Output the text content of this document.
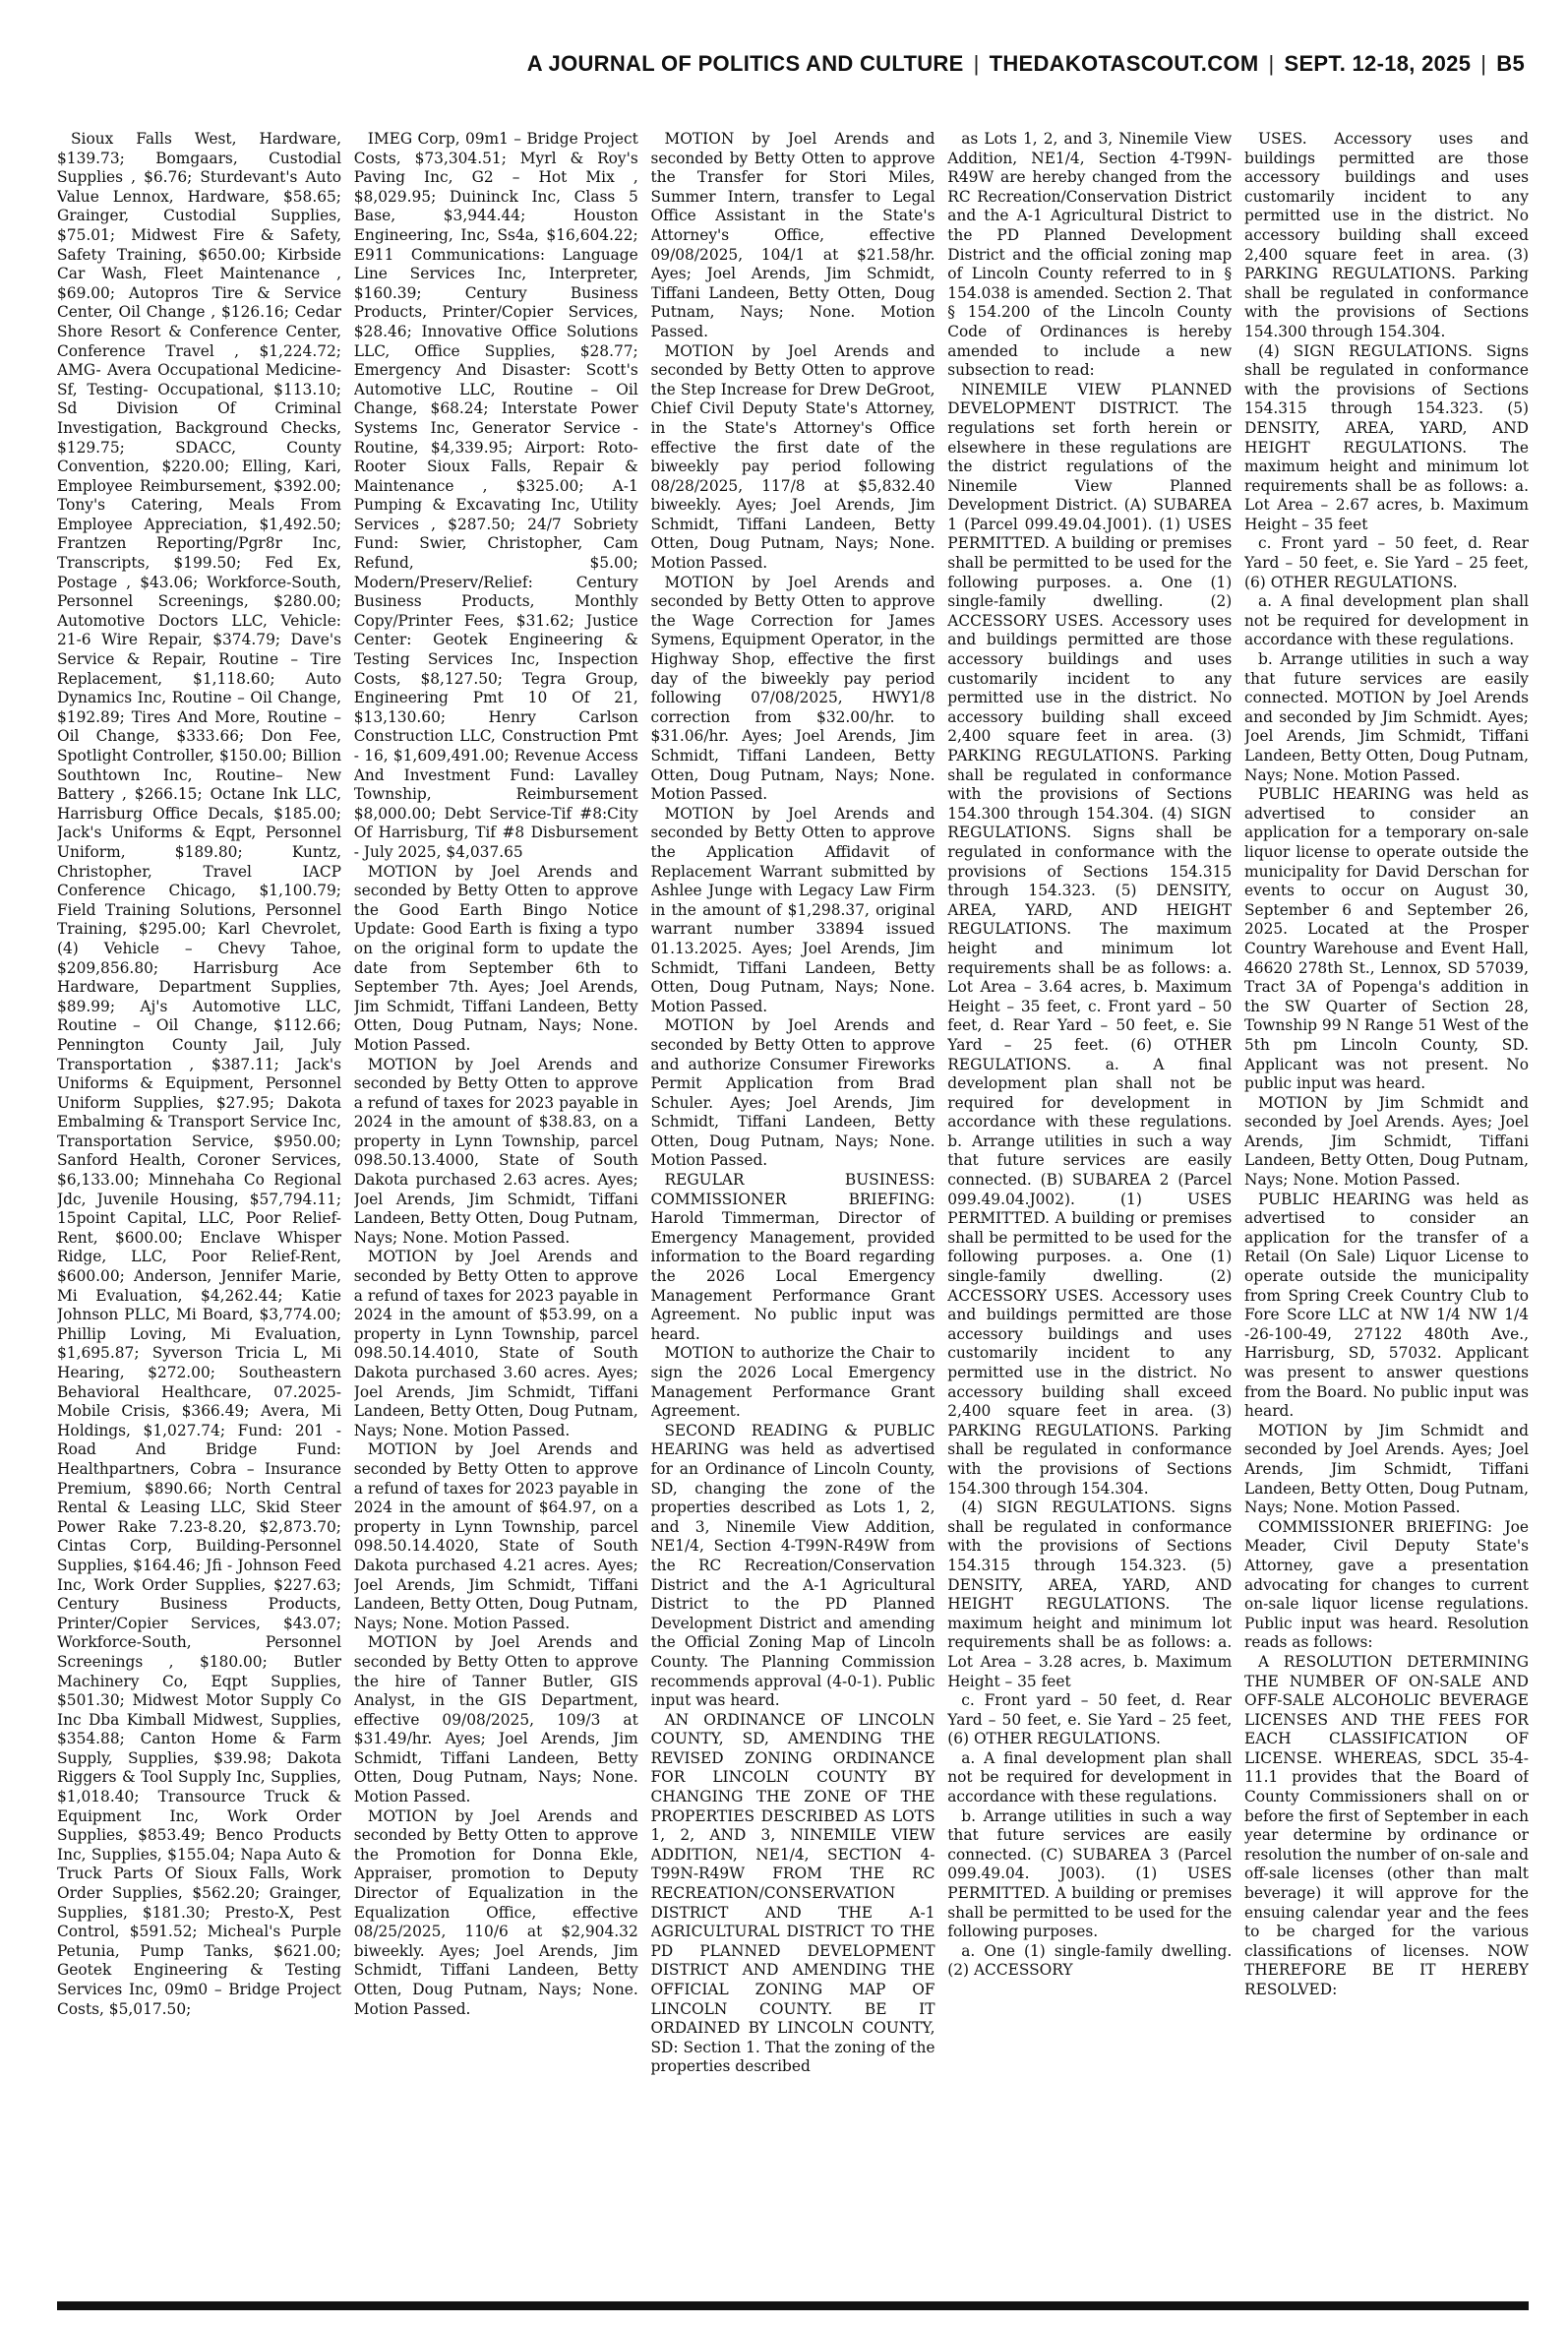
A JOURNAL OF POLITICS AND CULTURE | THEDAKOTASCOUT.COM | SEPT. 12-18, 2025 | B5

Sioux Falls West, Hardware, $139.73; Bomgaars, Custodial Supplies , $6.76; Sturdevant's Auto Value Lennox, Hardware, $58.65; Grainger, Custodial Supplies, $75.01; Midwest Fire & Safety, Safety Training, $650.00; Kirbside Car Wash, Fleet Maintenance , $69.00; Autopros Tire & Service Center, Oil Change , $126.16; Cedar Shore Resort & Conference Center, Conference Travel , $1,224.72; AMG- Avera Occupational Medicine-Sf, Testing- Occupational, $113.10; Sd Division Of Criminal Investigation, Background Checks, $129.75; SDACC, County Convention, $220.00; Elling, Kari, Employee Reimbursement, $392.00; Tony's Catering, Meals From Employee Appreciation, $1,492.50; Frantzen Reporting/Pgr8r Inc, Transcripts, $199.50; Fed Ex, Postage , $43.06; Workforce-South, Personnel Screenings, $280.00; Automotive Doctors LLC, Vehicle: 21-6 Wire Repair, $374.79; Dave's Service & Repair, Routine – Tire Replacement, $1,118.60; Auto Dynamics Inc, Routine – Oil Change, $192.89; Tires And More, Routine – Oil Change, $333.66; Don Fee, Spotlight Controller, $150.00; Billion Southtown Inc, Routine– New Battery , $266.15; Octane Ink LLC, Harrisburg Office Decals, $185.00; Jack's Uniforms & Eqpt, Personnel Uniform, $189.80; Kuntz, Christopher, Travel IACP Conference Chicago, $1,100.79; Field Training Solutions, Personnel Training, $295.00; Karl Chevrolet, (4) Vehicle – Chevy Tahoe, $209,856.80; Harrisburg Ace Hardware, Department Supplies, $89.99; Aj's Automotive LLC, Routine – Oil Change, $112.66; Pennington County Jail, July Transportation , $387.11; Jack's Uniforms & Equipment, Personnel Uniform Supplies, $27.95; Dakota Embalming & Transport Service Inc, Transportation Service, $950.00; Sanford Health, Coroner Services, $6,133.00; Minnehaha Co Regional Jdc, Juvenile Housing, $57,794.11; 15point Capital, LLC, Poor Relief-Rent, $600.00; Enclave Whisper Ridge, LLC, Poor Relief-Rent, $600.00; Anderson, Jennifer Marie, Mi Evaluation, $4,262.44; Katie Johnson PLLC, Mi Board, $3,774.00; Phillip Loving, Mi Evaluation, $1,695.87; Syverson Tricia L, Mi Hearing, $272.00; Southeastern Behavioral Healthcare, 07.2025-Mobile Crisis, $366.49; Avera, Mi Holdings, $1,027.74; Fund: 201 - Road And Bridge Fund: Healthpartners, Cobra – Insurance Premium, $890.66; North Central Rental & Leasing LLC, Skid Steer Power Rake 7.23-8.20, $2,873.70; Cintas Corp, Building-Personnel Supplies, $164.46; Jfi - Johnson Feed Inc, Work Order Supplies, $227.63; Century Business Products, Printer/Copier Services, $43.07; Workforce-South, Personnel Screenings , $180.00; Butler Machinery Co, Eqpt Supplies, $501.30; Midwest Motor Supply Co Inc Dba Kimball Midwest, Supplies, $354.88; Canton Home & Farm Supply, Supplies, $39.98; Dakota Riggers & Tool Supply Inc, Supplies, $1,018.40; Transource Truck & Equipment Inc, Work Order Supplies, $853.49; Benco Products Inc, Supplies, $155.04; Napa Auto & Truck Parts Of Sioux Falls, Work Order Supplies, $562.20; Grainger, Supplies, $181.30; Presto-X, Pest Control, $591.52; Micheal's Purple Petunia, Pump Tanks, $621.00; Geotek Engineering & Testing Services Inc, 09m0 – Bridge Project Costs, $5,017.50;

IMEG Corp, 09m1 – Bridge Project Costs, $73,304.51; Myrl & Roy's Paving Inc, G2 – Hot Mix , $8,029.95; Duininck Inc, Class 5 Base, $3,944.44; Houston Engineering, Inc, Ss4a, $16,604.22; E911 Communications: Language Line Services Inc, Interpreter, $160.39; Century Business Products, Printer/Copier Services, $28.46; Innovative Office Solutions LLC, Office Supplies, $28.77; Emergency And Disaster: Scott's Automotive LLC, Routine – Oil Change, $68.24; Interstate Power Systems Inc, Generator Service - Routine, $4,339.95; Airport: Roto-Rooter Sioux Falls, Repair & Maintenance , $325.00; A-1 Pumping & Excavating Inc, Utility Services , $287.50; 24/7 Sobriety Fund: Swier, Christopher, Cam Refund, $5.00; Modern/Preserv/Relief: Century Business Products, Monthly Copy/Printer Fees, $31.62; Justice Center: Geotek Engineering & Testing Services Inc, Inspection Costs, $8,127.50; Tegra Group, Engineering Pmt 10 Of 21, $13,130.60; Henry Carlson Construction LLC, Construction Pmt - 16, $1,609,491.00; Revenue Access And Investment Fund: Lavalley Township, Reimbursement $8,000.00; Debt Service-Tif #8:City Of Harrisburg, Tif #8 Disbursement - July 2025, $4,037.65

MOTION by Joel Arends and seconded by Betty Otten to approve the Good Earth Bingo Notice Update: Good Earth is fixing a typo on the original form to update the date from September 6th to September 7th. Ayes; Joel Arends, Jim Schmidt, Tiffani Landeen, Betty Otten, Doug Putnam, Nays; None. Motion Passed.

MOTION by Joel Arends and seconded by Betty Otten to approve a refund of taxes for 2023 payable in 2024 in the amount of $38.83, on a property in Lynn Township, parcel 098.50.13.4000, State of South Dakota purchased 2.63 acres. Ayes; Joel Arends, Jim Schmidt, Tiffani Landeen, Betty Otten, Doug Putnam, Nays; None. Motion Passed.

MOTION by Joel Arends and seconded by Betty Otten to approve a refund of taxes for 2023 payable in 2024 in the amount of $53.99, on a property in Lynn Township, parcel 098.50.14.4010, State of South Dakota purchased 3.60 acres. Ayes; Joel Arends, Jim Schmidt, Tiffani Landeen, Betty Otten, Doug Putnam, Nays; None. Motion Passed.

MOTION by Joel Arends and seconded by Betty Otten to approve a refund of taxes for 2023 payable in 2024 in the amount of $64.97, on a property in Lynn Township, parcel 098.50.14.4020, State of South Dakota purchased 4.21 acres. Ayes; Joel Arends, Jim Schmidt, Tiffani Landeen, Betty Otten, Doug Putnam, Nays; None. Motion Passed.

MOTION by Joel Arends and seconded by Betty Otten to approve the hire of Tanner Butler, GIS Analyst, in the GIS Department, effective 09/08/2025, 109/3 at $31.49/hr. Ayes; Joel Arends, Jim Schmidt, Tiffani Landeen, Betty Otten, Doug Putnam, Nays; None. Motion Passed.

MOTION by Joel Arends and seconded by Betty Otten to approve the Promotion for Donna Ekle, Appraiser, promotion to Deputy Director of Equalization in the Equalization Office, effective 08/25/2025, 110/6 at $2,904.32 biweekly. Ayes; Joel Arends, Jim Schmidt, Tiffani Landeen, Betty Otten, Doug Putnam, Nays; None. Motion Passed.

MOTION by Joel Arends and seconded by Betty Otten to approve the Transfer for Stori Miles, Summer Intern, transfer to Legal Office Assistant in the State's Attorney's Office, effective 09/08/2025, 104/1 at $21.58/hr. Ayes; Joel Arends, Jim Schmidt, Tiffani Landeen, Betty Otten, Doug Putnam, Nays; None. Motion Passed.

MOTION by Joel Arends and seconded by Betty Otten to approve the Step Increase for Drew DeGroot, Chief Civil Deputy State's Attorney, in the State's Attorney's Office effective the first date of the biweekly pay period following 08/28/2025, 117/8 at $5,832.40 biweekly. Ayes; Joel Arends, Jim Schmidt, Tiffani Landeen, Betty Otten, Doug Putnam, Nays; None. Motion Passed.

MOTION by Joel Arends and seconded by Betty Otten to approve the Wage Correction for James Symens, Equipment Operator, in the Highway Shop, effective the first day of the biweekly pay period following 07/08/2025, HWY1/8 correction from $32.00/hr. to $31.06/hr. Ayes; Joel Arends, Jim Schmidt, Tiffani Landeen, Betty Otten, Doug Putnam, Nays; None. Motion Passed.

MOTION by Joel Arends and seconded by Betty Otten to approve the Application Affidavit of Replacement Warrant submitted by Ashlee Junge with Legacy Law Firm in the amount of $1,298.37, original warrant number 33894 issued 01.13.2025. Ayes; Joel Arends, Jim Schmidt, Tiffani Landeen, Betty Otten, Doug Putnam, Nays; None. Motion Passed.

MOTION by Joel Arends and seconded by Betty Otten to approve and authorize Consumer Fireworks Permit Application from Brad Schuler. Ayes; Joel Arends, Jim Schmidt, Tiffani Landeen, Betty Otten, Doug Putnam, Nays; None. Motion Passed.

REGULAR BUSINESS: COMMISSIONER BRIEFING: Harold Timmerman, Director of Emergency Management, provided information to the Board regarding the 2026 Local Emergency Management Performance Grant Agreement. No public input was heard.

MOTION to authorize the Chair to sign the 2026 Local Emergency Management Performance Grant Agreement.

SECOND READING & PUBLIC HEARING was held as advertised for an Ordinance of Lincoln County, SD, changing the zone of the properties described as Lots 1, 2, and 3, Ninemile View Addition, NE1/4, Section 4-T99N-R49W from the RC Recreation/Conservation District and the A-1 Agricultural District to the PD Planned Development District and amending the Official Zoning Map of Lincoln County. The Planning Commission recommends approval (4-0-1). Public input was heard.

AN ORDINANCE OF LINCOLN COUNTY, SD, AMENDING THE REVISED ZONING ORDINANCE FOR LINCOLN COUNTY BY CHANGING THE ZONE OF THE PROPERTIES DESCRIBED AS LOTS 1, 2, AND 3, NINEMILE VIEW ADDITION, NE1/4, SECTION 4-T99N-R49W FROM THE RC RECREATION/CONSERVATION DISTRICT AND THE A-1 AGRICULTURAL DISTRICT TO THE PD PLANNED DEVELOPMENT DISTRICT AND AMENDING THE OFFICIAL ZONING MAP OF LINCOLN COUNTY. BE IT ORDAINED BY LINCOLN COUNTY, SD: Section 1. That the zoning of the properties described

as Lots 1, 2, and 3, Ninemile View Addition, NE1/4, Section 4-T99N-R49W are hereby changed from the RC Recreation/Conservation District and the A-1 Agricultural District to the PD Planned Development District and the official zoning map of Lincoln County referred to in § 154.038 is amended. Section 2. That § 154.200 of the Lincoln County Code of Ordinances is hereby amended to include a new subsection to read:

NINEMILE VIEW PLANNED DEVELOPMENT DISTRICT. The regulations set forth herein or elsewhere in these regulations are the district regulations of the Ninemile View Planned Development District. (A) SUBAREA 1 (Parcel 099.49.04.J001). (1) USES PERMITTED. A building or premises shall be permitted to be used for the following purposes. a. One (1) single-family dwelling. (2) ACCESSORY USES. Accessory uses and buildings permitted are those accessory buildings and uses customarily incident to any permitted use in the district. No accessory building shall exceed 2,400 square feet in area. (3) PARKING REGULATIONS. Parking shall be regulated in conformance with the provisions of Sections 154.300 through 154.304. (4) SIGN REGULATIONS. Signs shall be regulated in conformance with the provisions of Sections 154.315 through 154.323. (5) DENSITY, AREA, YARD, AND HEIGHT REGULATIONS. The maximum height and minimum lot requirements shall be as follows: a. Lot Area – 3.64 acres, b. Maximum Height – 35 feet, c. Front yard – 50 feet, d. Rear Yard – 50 feet, e. Sie Yard – 25 feet. (6) OTHER REGULATIONS. a. A final development plan shall not be required for development in accordance with these regulations. b. Arrange utilities in such a way that future services are easily connected. (B) SUBAREA 2 (Parcel 099.49.04.J002). (1) USES PERMITTED. A building or premises shall be permitted to be used for the following purposes. a. One (1) single-family dwelling. (2) ACCESSORY USES. Accessory uses and buildings permitted are those accessory buildings and uses customarily incident to any permitted use in the district. No accessory building shall exceed 2,400 square feet in area. (3) PARKING REGULATIONS. Parking shall be regulated in conformance with the provisions of Sections 154.300 through 154.304.

(4) SIGN REGULATIONS. Signs shall be regulated in conformance with the provisions of Sections 154.315 through 154.323. (5) DENSITY, AREA, YARD, AND HEIGHT REGULATIONS. The maximum height and minimum lot requirements shall be as follows: a. Lot Area – 3.28 acres, b. Maximum Height – 35 feet

c. Front yard – 50 feet, d. Rear Yard – 50 feet, e. Sie Yard – 25 feet, (6) OTHER REGULATIONS.

a. A final development plan shall not be required for development in accordance with these regulations.

b. Arrange utilities in such a way that future services are easily connected. (C) SUBAREA 3 (Parcel 099.49.04. J003). (1) USES PERMITTED. A building or premises shall be permitted to be used for the following purposes.

a. One (1) single-family dwelling. (2) ACCESSORY

USES. Accessory uses and buildings permitted are those accessory buildings and uses customarily incident to any permitted use in the district. No accessory building shall exceed 2,400 square feet in area. (3) PARKING REGULATIONS. Parking shall be regulated in conformance with the provisions of Sections 154.300 through 154.304.

(4) SIGN REGULATIONS. Signs shall be regulated in conformance with the provisions of Sections 154.315 through 154.323. (5) DENSITY, AREA, YARD, AND HEIGHT REGULATIONS. The maximum height and minimum lot requirements shall be as follows: a. Lot Area – 2.67 acres, b. Maximum Height – 35 feet

c. Front yard – 50 feet, d. Rear Yard – 50 feet, e. Sie Yard – 25 feet, (6) OTHER REGULATIONS.

a. A final development plan shall not be required for development in accordance with these regulations.

b. Arrange utilities in such a way that future services are easily connected. MOTION by Joel Arends and seconded by Jim Schmidt. Ayes; Joel Arends, Jim Schmidt, Tiffani Landeen, Betty Otten, Doug Putnam, Nays; None. Motion Passed.

PUBLIC HEARING was held as advertised to consider an application for a temporary on-sale liquor license to operate outside the municipality for David Derschan for events to occur on August 30, September 6 and September 26, 2025. Located at the Prosper Country Warehouse and Event Hall, 46620 278th St., Lennox, SD 57039, Tract 3A of Popenga's addition in the SW Quarter of Section 28, Township 99 N Range 51 West of the 5th pm Lincoln County, SD. Applicant was not present. No public input was heard.

MOTION by Jim Schmidt and seconded by Joel Arends. Ayes; Joel Arends, Jim Schmidt, Tiffani Landeen, Betty Otten, Doug Putnam, Nays; None. Motion Passed.

PUBLIC HEARING was held as advertised to consider an application for the transfer of a Retail (On Sale) Liquor License to operate outside the municipality from Spring Creek Country Club to Fore Score LLC at NW 1/4 NW 1/4 -26-100-49, 27122 480th Ave., Harrisburg, SD, 57032. Applicant was present to answer questions from the Board. No public input was heard.

MOTION by Jim Schmidt and seconded by Joel Arends. Ayes; Joel Arends, Jim Schmidt, Tiffani Landeen, Betty Otten, Doug Putnam, Nays; None. Motion Passed.

COMMISSIONER BRIEFING: Joe Meader, Civil Deputy State's Attorney, gave a presentation advocating for changes to current on-sale liquor license regulations. Public input was heard. Resolution reads as follows:

A RESOLUTION DETERMINING THE NUMBER OF ON-SALE AND OFF-SALE ALCOHOLIC BEVERAGE LICENSES AND THE FEES FOR EACH CLASSIFICATION OF LICENSE. WHEREAS, SDCL 35-4-11.1 provides that the Board of County Commissioners shall on or before the first of September in each year determine by ordinance or resolution the number of on-sale and off-sale licenses (other than malt beverage) it will approve for the ensuing calendar year and the fees to be charged for the various classifications of licenses. NOW THEREFORE BE IT HEREBY RESOLVED:
